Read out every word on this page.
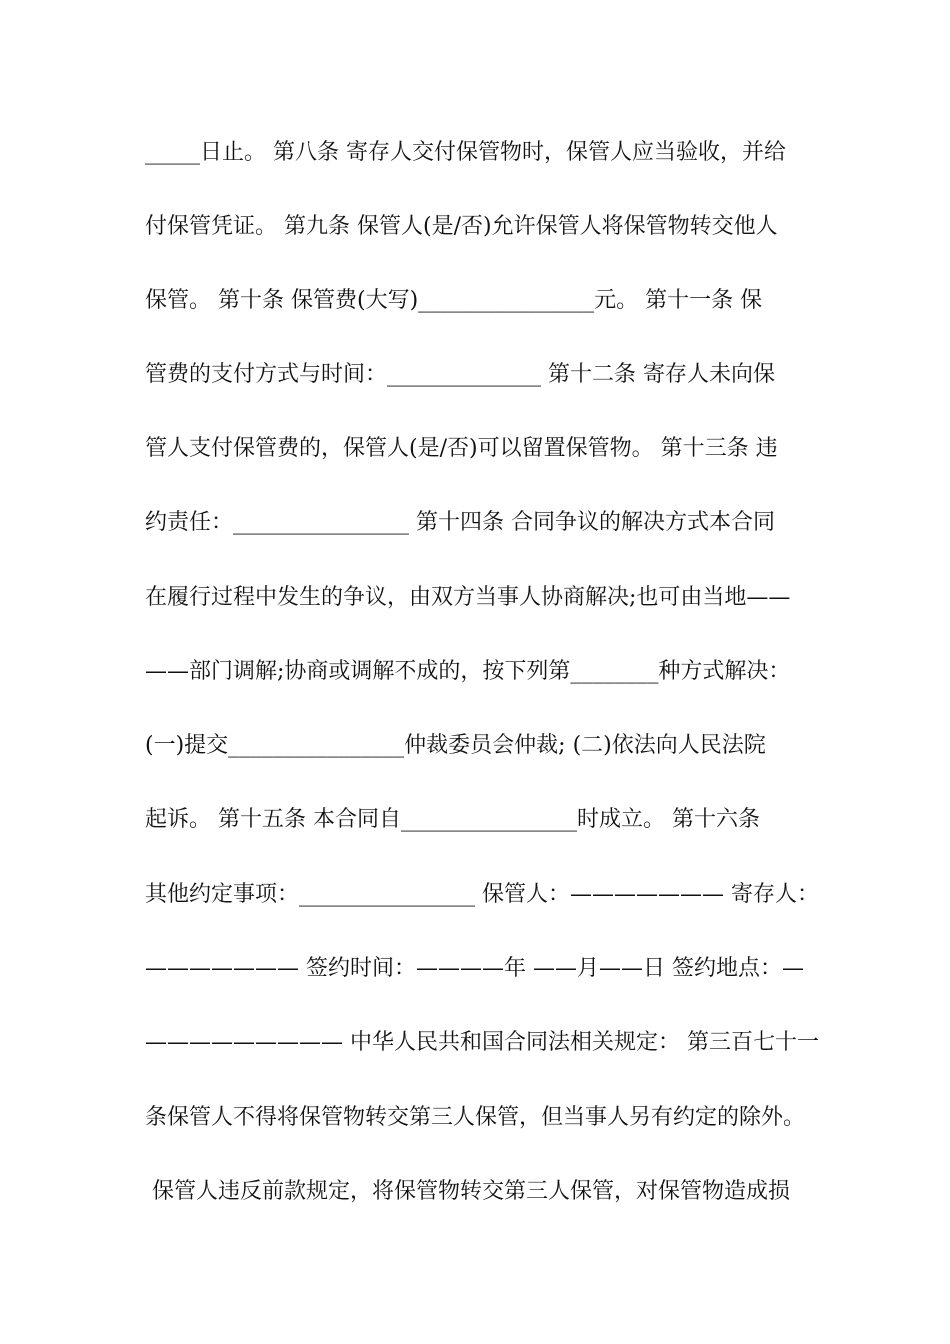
_____日止。 第八条 寄存人交付保管物时，保管人应当验收，并给
付保管凭证。 第九条 保管人(是/否)允许保管人将保管物转交他人
保管。 第十条 保管费(大写)________________元。 第十一条 保
管费的支付方式与时间：______________ 第十二条 寄存人未向保
管人支付保管费的，保管人(是/否)可以留置保管物。 第十三条 违
约责任：________________ 第十四条 合同争议的解决方式本合同
在履行过程中发生的争议，由双方当事人协商解决;也可由当地——
——部门调解;协商或调解不成的，按下列第________种方式解决：
(一)提交________________仲裁委员会仲裁; (二)依法向人民法院
起诉。 第十五条 本合同自________________时成立。 第十六条
其他约定事项：________________ 保管人：——————— 寄存人：
——————— 签约时间：————年 ——月——日 签约地点：—
————————— 中华人民共和国合同法相关规定： 第三百七十一
条保管人不得将保管物转交第三人保管，但当事人另有约定的除外。
保管人违反前款规定，将保管物转交第三人保管，对保管物造成损
